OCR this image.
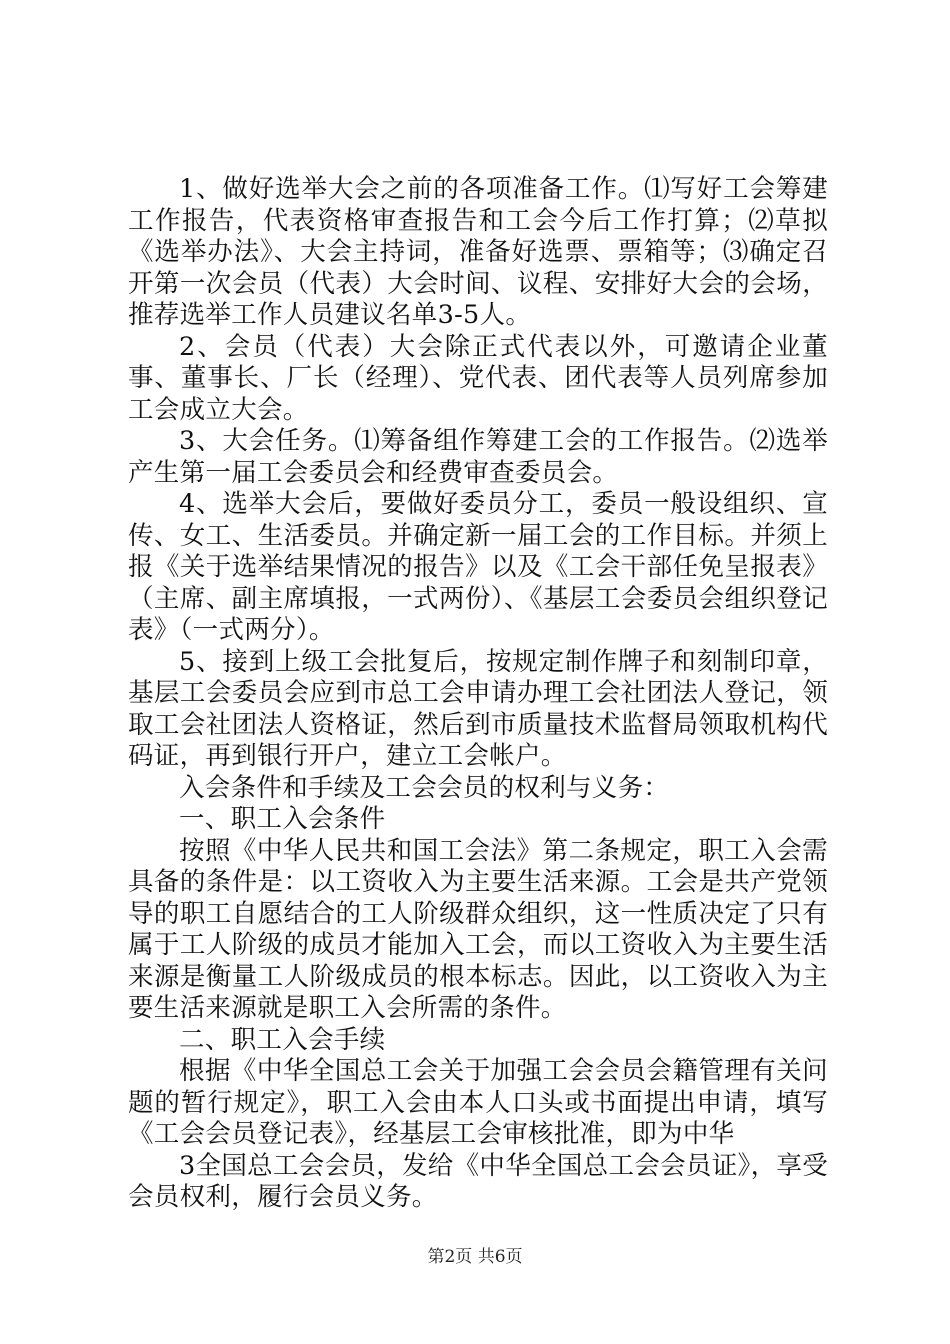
1、做好选举大会之前的各项准备工作。⑴写好工会筹建工作报告，代表资格审查报告和工会今后工作打算；⑵草拟《选举办法》、大会主持词，准备好选票、票箱等；⑶确定召开第一次会员（代表）大会时间、议程、安排好大会的会场，推荐选举工作人员建议名单3-5人。

2、会员（代表）大会除正式代表以外，可邀请企业董事、董事长、厂长（经理）、党代表、团代表等人员列席参加工会成立大会。

3、大会任务。⑴筹备组作筹建工会的工作报告。⑵选举产生第一届工会委员会和经费审查委员会。

4、选举大会后，要做好委员分工，委员一般设组织、宣传、女工、生活委员。并确定新一届工会的工作目标。并须上报《关于选举结果情况的报告》以及《工会干部任免呈报表》（主席、副主席填报，一式两份）、《基层工会委员会组织登记表》（一式两分）。

5、接到上级工会批复后，按规定制作牌子和刻制印章，基层工会委员会应到市总工会申请办理工会社团法人登记，领取工会社团法人资格证，然后到市质量技术监督局领取机构代码证，再到银行开户，建立工会帐户。

入会条件和手续及工会会员的权利与义务：

一、职工入会条件

按照《中华人民共和国工会法》第二条规定，职工入会需具备的条件是：以工资收入为主要生活来源。工会是共产党领导的职工自愿结合的工人阶级群众组织，这一性质决定了只有属于工人阶级的成员才能加入工会，而以工资收入为主要生活来源是衡量工人阶级成员的根本标志。因此，以工资收入为主要生活来源就是职工入会所需的条件。

二、职工入会手续

根据《中华全国总工会关于加强工会会员会籍管理有关问题的暂行规定》，职工入会由本人口头或书面提出申请，填写《工会会员登记表》，经基层工会审核批准，即为中华

3全国总工会会员，发给《中华全国总工会会员证》，享受会员权利，履行会员义务。

第2页 共6页
